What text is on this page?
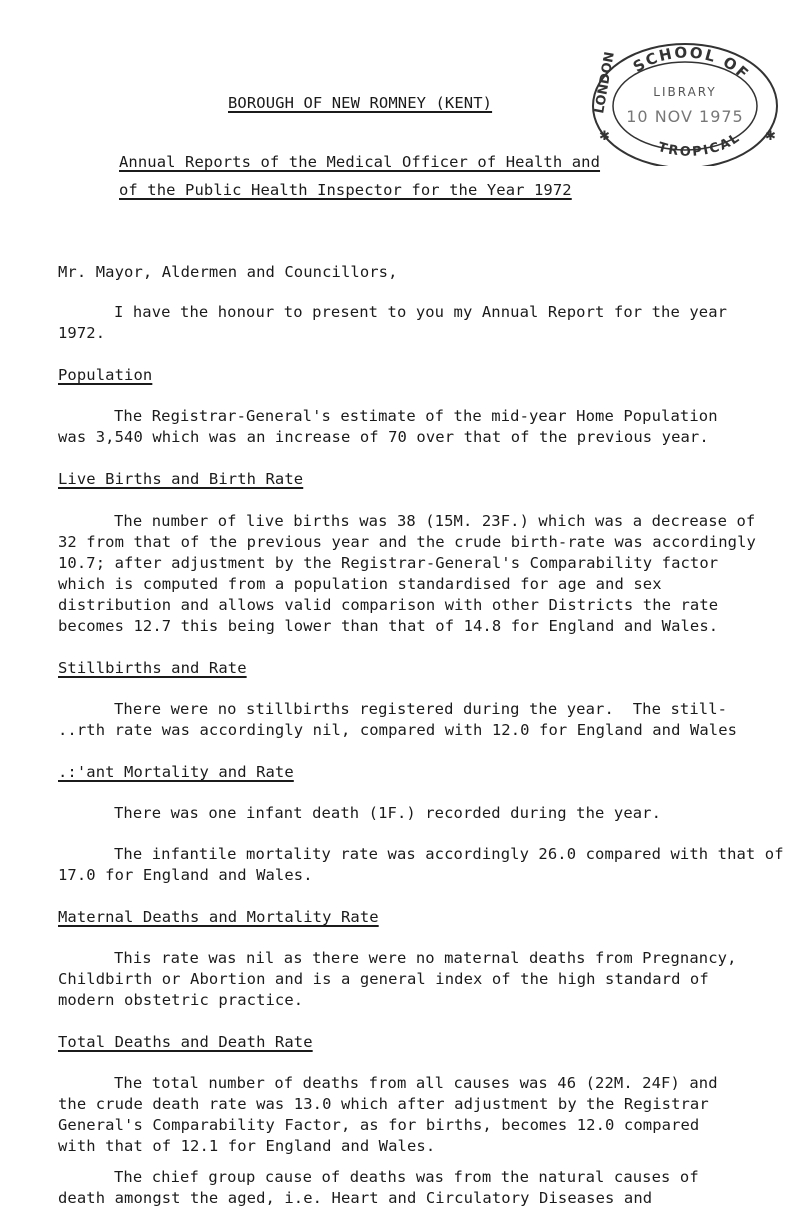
BOROUGH OF NEW ROMNEY (KENT)
Annual Reports of the Medical Officer of Health and
of the Public Health Inspector for the Year 1972
SCHOOL OF
TROPICAL
LONDON	LIBRARY
10 NOV 1975
✱	✱
Mr. Mayor, Aldermen and Councillors,
I have the honour to present to you my Annual Report for the year
1972.
Population
The Registrar-General's estimate of the mid-year Home Population
was 3,540 which was an increase of 70 over that of the previous year.
Live Births and Birth Rate
The number of live births was 38 (15M. 23F.) which was a decrease of
32 from that of the previous year and the crude birth-rate was accordingly
10.7; after adjustment by the Registrar-General's Comparability factor
which is computed from a population standardised for age and sex
distribution and allows valid comparison with other Districts the rate
becomes 12.7 this being lower than that of 14.8 for England and Wales.
Stillbirths and Rate
There were no stillbirths registered during the year.  The still-
..rth rate was accordingly nil, compared with 12.0 for England and Wales
.:'ant Mortality and Rate
There was one infant death (1F.) recorded during the year.
The infantile mortality rate was accordingly 26.0 compared with that of
17.0 for England and Wales.
Maternal Deaths and Mortality Rate
This rate was nil as there were no maternal deaths from Pregnancy,
Childbirth or Abortion and is a general index of the high standard of
modern obstetric practice.
Total Deaths and Death Rate
The total number of deaths from all causes was 46 (22M. 24F) and
the crude death rate was 13.0 which after adjustment by the Registrar
General's Comparability Factor, as for births, becomes 12.0 compared
with that of 12.1 for England and Wales.
The chief group cause of deaths was from the natural causes of
death amongst the aged, i.e. Heart and Circulatory Diseases and
